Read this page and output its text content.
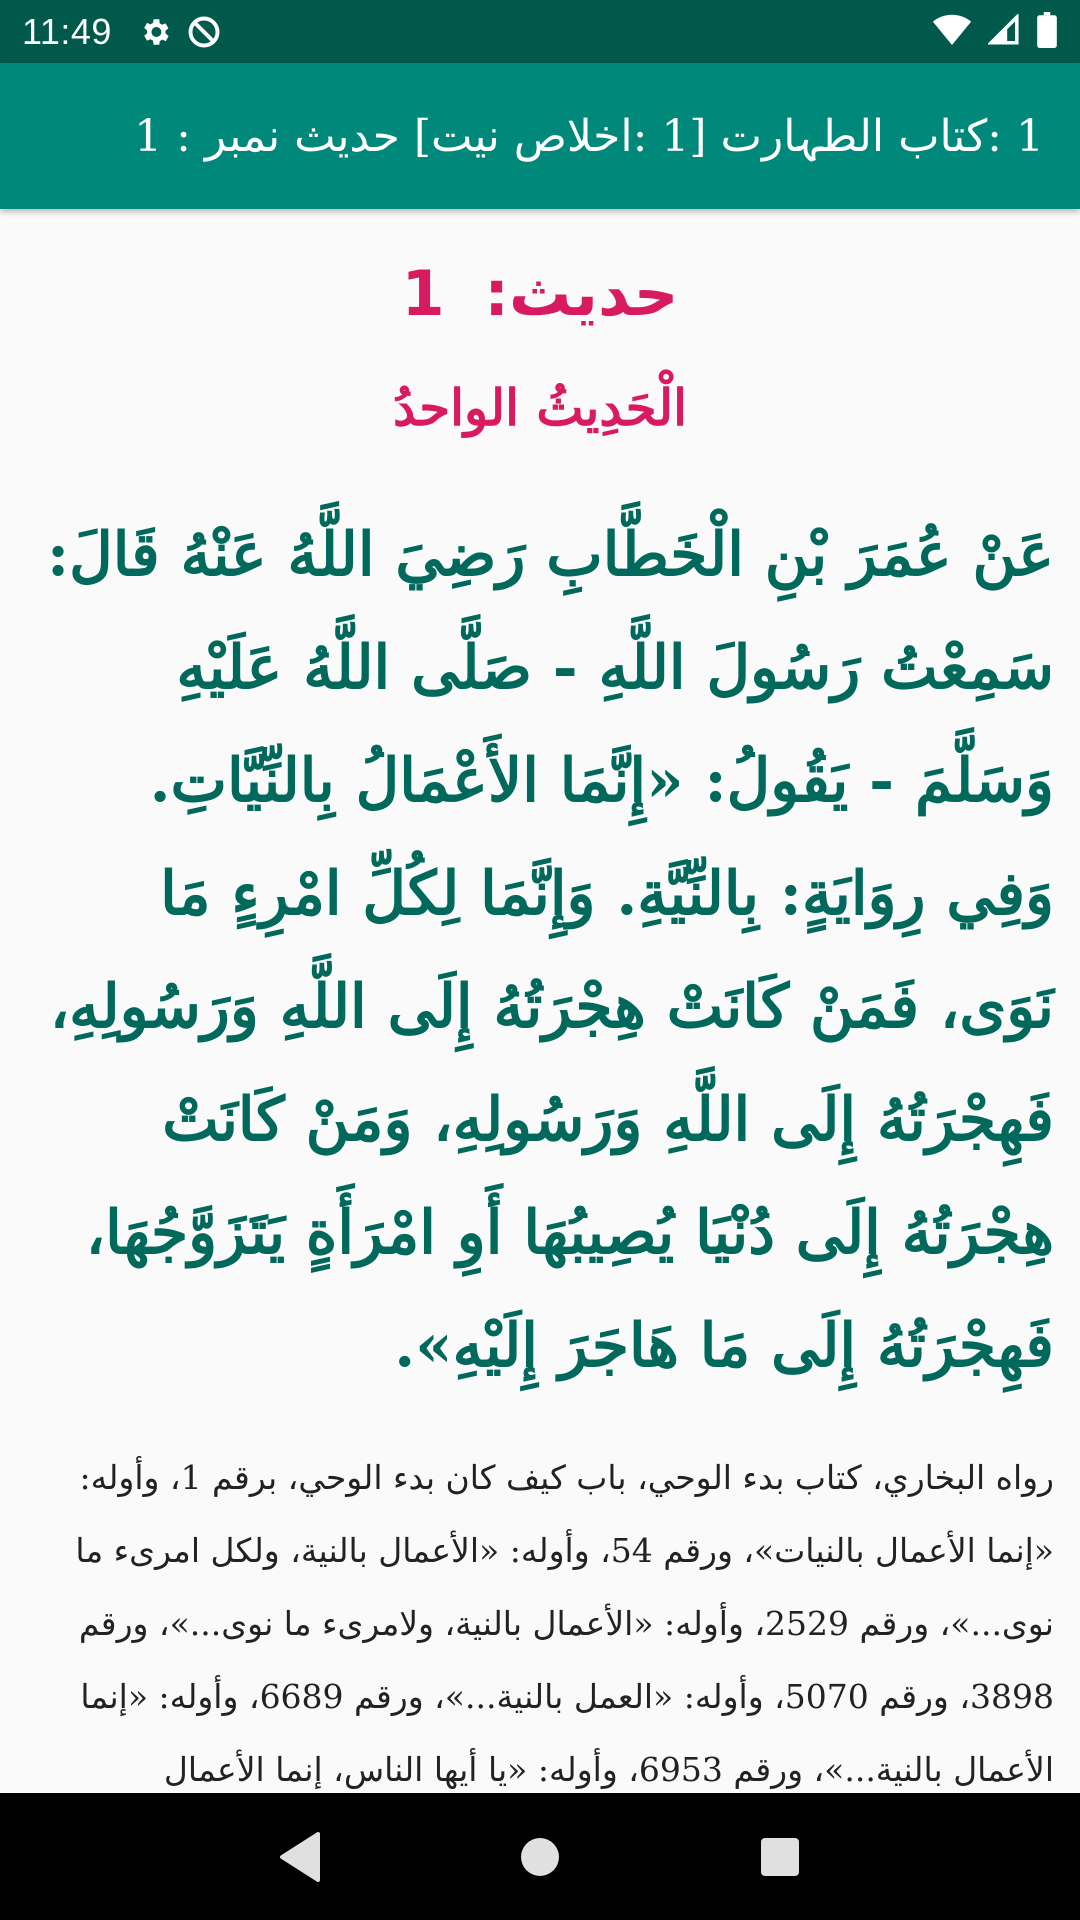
11:49
1 :کتاب الطہارت [1 :اخلاصِ نیت] حدیث نمبر : 1
حديث: 1
الْحَدِيثُ الواحدُ
عَنْ عُمَرَ بْنِ الْخَطَّابِ رَضِيَ اللَّهُ عَنْهُ قَالَ: سَمِعْتُ رَسُولَ اللَّهِ - صَلَّى اللَّهُ عَلَيْهِ وَسَلَّمَ - يَقُولُ: «إِنَّمَا الأَعْمَالُ بِالنِّيَّاتِ. وَفِي رِوَايَةٍ: بِالنِّيَّةِ. وَإِنَّمَا لِكُلِّ امْرِءٍ مَا نَوَى، فَمَنْ كَانَتْ هِجْرَتُهُ إِلَى اللَّهِ وَرَسُولِهِ، فَهِجْرَتُهُ إِلَى اللَّهِ وَرَسُولِهِ، وَمَنْ كَانَتْ هِجْرَتُهُ إِلَى دُنْيَا يُصِيبُهَا أَوِ امْرَأَةٍ يَتَزَوَّجُهَا، فَهِجْرَتُهُ إِلَى مَا هَاجَرَ إِلَيْهِ».
رواه البخاري، كتاب بدء الوحي، باب كيف كان بدء الوحي، برقم 1، وأوله: «إنما الأعمال بالنيات»، ورقم 54، وأوله: «الأعمال بالنية، ولكل امرىء ما نوى...»، ورقم 2529، وأوله: «الأعمال بالنية، ولامرىء ما نوى...»، ورقم 3898، ورقم 5070، وأوله: «العمل بالنية...»، ورقم 6689، وأوله: «إنما الأعمال بالنية...»، ورقم 6953، وأوله: «يا أيها الناس، إنما الأعمال
